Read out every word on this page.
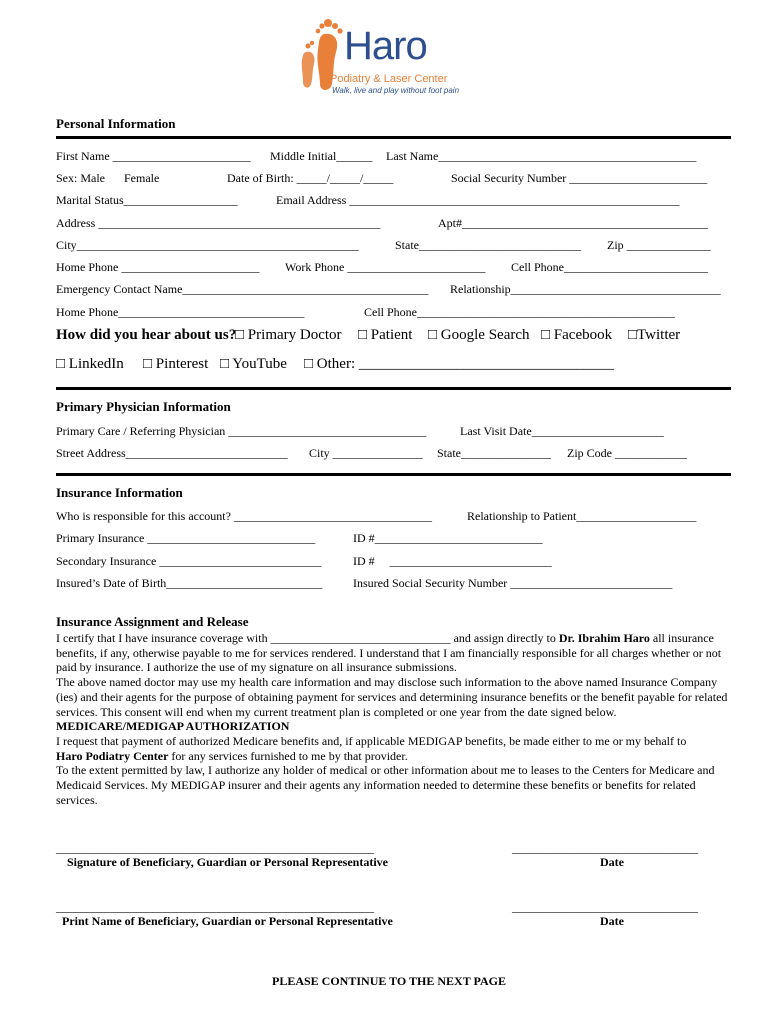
Haro
Podiatry & Laser Center
Walk, live and play without foot pain
Personal Information
First Name _______________________ Middle Initial______ Last Name___________________________________________
Sex: Male Female	Date of Birth: _____/_____/_____	Social Security Number _______________________
Marital Status___________________	Email Address _______________________________________________________
Address _______________________________________________	Apt#_________________________________________
City_______________________________________________	State___________________________ Zip ______________
Home Phone _______________________ Work Phone _______________________ Cell Phone________________________
Emergency Contact Name_________________________________________ Relationship___________________________________
Home Phone_______________________________	Cell Phone___________________________________________
How did you hear about us?
□ Primary Doctor □ Patient □ Google Search □ Facebook □Twitter
□ LinkedIn □ Pinterest □ YouTube □ Other: __________________________________
Primary Physician Information
Primary Care / Referring Physician _________________________________	Last Visit Date______________________
Street Address___________________________ City _______________ State_______________ Zip Code ____________
Insurance Information
Who is responsible for this account? _________________________________	Relationship to Patient____________________
Primary Insurance ____________________________	ID #____________________________
Secondary Insurance ___________________________	ID #     ___________________________
Insured’s Date of Birth__________________________	Insured Social Security Number ___________________________
Insurance Assignment and Release
I certify that I have insurance coverage with ______________________________ and assign directly to Dr. Ibrahim Haro all insurance benefits, if any, otherwise payable to me for services rendered. I understand that I am financially responsible for all charges whether or not paid by insurance. I authorize the use of my signature on all insurance submissions.
The above named doctor may use my health care information and may disclose such information to the above named Insurance Company (ies) and their agents for the purpose of obtaining payment for services and determining insurance benefits or the benefit payable for related services. This consent will end when my current treatment plan is completed or one year from the date signed below.
MEDICARE/MEDIGAP AUTHORIZATION
I request that payment of authorized Medicare benefits and, if applicable MEDIGAP benefits, be made either to me or my behalf to
Haro Podiatry Center for any services furnished to me by that provider.
To the extent permitted by law, I authorize any holder of medical or other information about me to leases to the Centers for Medicare and Medicaid Services. My MEDIGAP insurer and their agents any information needed to determine these benefits or benefits for related services.
_____________________________________________________	_______________________________
Signature of Beneficiary, Guardian or Personal Representative	Date
_____________________________________________________	_______________________________
Print Name of Beneficiary, Guardian or Personal Representative	Date
PLEASE CONTINUE TO THE NEXT PAGE
